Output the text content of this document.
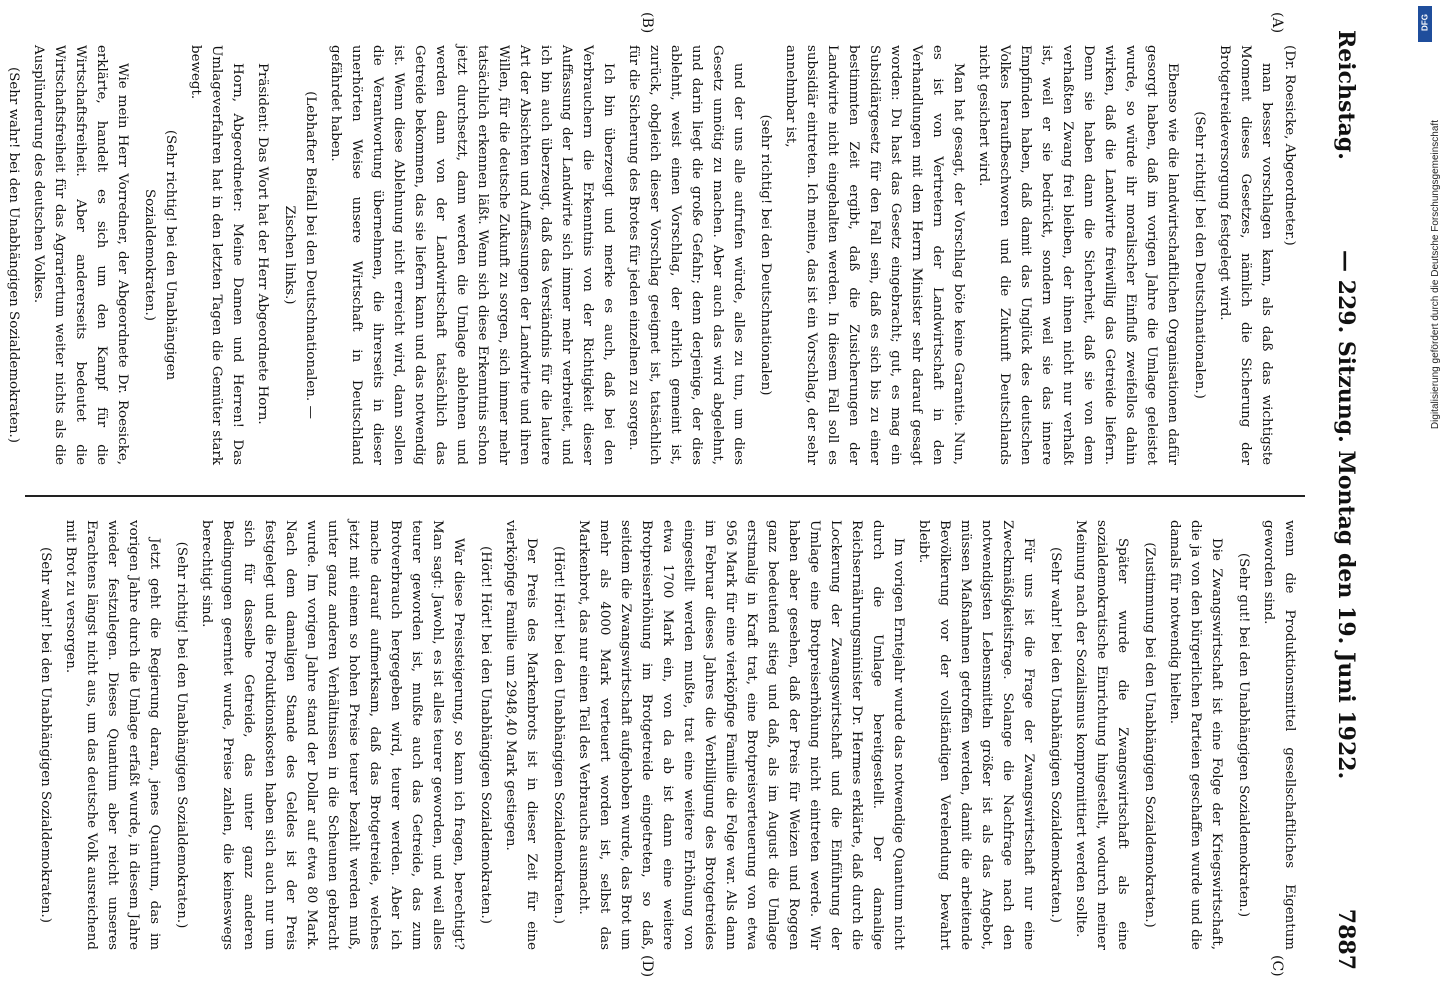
Reichstag.
— 229. Sitzung. Montag den 19. Juni 1922.
7887
(A)
(B)
(C)
(D)

(Dr. Roesicke, Abgeordneter.)

man besser vorschlagen kann, als daß das wichtigste Moment dieses Gesetzes, nämlich die Sicherung der Brotgetreideversorgung festgelegt wird.

(Sehr richtig! bei den Deutschnationalen.)

Ebenso wie die landwirtschaftlichen Organisationen dafür gesorgt haben, daß im vorigen Jahre die Umlage geleistet wurde, so würde ihr moralischer Einfluß zweifellos dahin wirken, daß die Landwirte freiwillig das Getreide liefern. Denn sie haben dann die Sicherheit, daß sie von dem verhaßten Zwang frei bleiben, der ihnen nicht nur verhaßt ist, weil er sie bedrückt, sondern weil sie das innere Empfinden haben, daß damit das Unglück des deutschen Volkes heraufbeschworen und die Zukunft Deutschlands nicht gesichert wird.

Man hat gesagt, der Vorschlag böte keine Garantie. Nun, es ist von Vertretern der Landwirtschaft in den Verhandlungen mit dem Herrn Minister sehr darauf gesagt worden: Du hast das Gesetz eingebracht; gut, es mag ein Subsidiärgesetz für den Fall sein, daß es sich bis zu einer bestimmten Zeit ergibt, daß die Zusicherungen der Landwirte nicht eingehalten werden. In diesem Fall soll es subsidiär eintreten. Ich meine, das ist ein Vorschlag, der sehr annehmbar ist,

(sehr richtig! bei den Deutschnationalen)

und der uns alle aufrufen würde, alles zu tun, um dies Gesetz unnötig zu machen. Aber auch das wird abgelehnt, und darin liegt die große Gefahr; denn derjenige, der dies ablehnt, weist einen Vorschlag, der ehrlich gemeint ist, zurück, obgleich dieser Vorschlag geeignet ist, tatsächlich für die Sicherung des Brotes für jeden einzelnen zu sorgen.

Ich bin überzeugt und merke es auch, daß bei den Verbrauchern die Erkenntnis von der Richtigkeit dieser Auffassung der Landwirte sich immer mehr verbreitet, und ich bin auch überzeugt, daß das Verständnis für die lautere Art der Absichten und Auffassungen der Landwirte und ihren Willen, für die deutsche Zukunft zu sorgen, sich immer mehr tatsächlich erkennen läßt. Wenn sich diese Erkenntnis schon jetzt durchsetzt, dann werden die Umlage ablehnen und werden dann von der Landwirtschaft tatsächlich das Getreide bekommen, das sie liefern kann und das notwendig ist. Wenn diese Ablehnung nicht erreicht wird, dann sollen die Verantwortung übernehmen, die ihrerseits in dieser unerhörten Weise unsere Wirtschaft in Deutschland gefährdet haben.

(Lebhafter Beifall bei den Deutschnationalen. — Zischen links.)

Präsident: Das Wort hat der Herr Abgeordnete Horn.

Horn, Abgeordneter: Meine Damen und Herren! Das Umlageverfahren hat in den letzten Tagen die Gemüter stark bewegt.

(Sehr richtig! bei den Unabhängigen Sozialdemokraten.)

Wie mein Herr Vorredner, der Abgeordnete Dr. Roesicke, erklärte, handelt es sich um den Kampf für die Wirtschaftsfreiheit. Aber andererseits bedeutet die Wirtschaftsfreiheit für das Agrariertum weiter nichts als die Ausplünderung des deutschen Volkes.

(Sehr wahr! bei den Unabhängigen Sozialdemokraten.)

wenn die Produktionsmittel gesellschaftliches Eigentum geworden sind.

(Sehr gut! bei den Unabhängigen Sozialdemokraten.)

Die Zwangswirtschaft ist eine Folge der Kriegswirtschaft, die ja von den bürgerlichen Parteien geschaffen wurde und die damals für notwendig hielten.

(Zustimmung bei den Unabhängigen Sozialdemokraten.)

Später wurde die Zwangswirtschaft als eine sozialdemokratische Einrichtung hingestellt, wodurch meiner Meinung nach der Sozialismus kompromittiert werden sollte.

(Sehr wahr! bei den Unabhängigen Sozialdemokraten.)

Für uns ist die Frage der Zwangswirtschaft nur eine Zweckmäßigkeitsfrage. Solange die Nachfrage nach den notwendigsten Lebensmitteln größer ist als das Angebot, müssen Maßnahmen getroffen werden, damit die arbeitende Bevölkerung vor der vollständigen Verelendung bewahrt bleibt.

Im vorigen Erntejahr wurde das notwendige Quantum nicht durch die Umlage bereitgestellt. Der damalige Reichsernährungsminister Dr. Hermes erklärte, daß durch die Lockerung der Zwangswirtschaft und die Einführung der Umlage eine Brotpreiserhöhung nicht eintreten werde. Wir haben aber gesehen, daß der Preis für Weizen und Roggen ganz bedeutend stieg und daß, als im August die Umlage erstmalig in Kraft trat, eine Brotpreisverteuerung von etwa 956 Mark für eine vierköpfige Familie die Folge war. Als dann im Februar dieses Jahres die Verbilligung des Brotgetreides eingestellt werden mußte, trat eine weitere Erhöhung von etwa 1700 Mark ein, von da ab ist dann eine weitere Brotpreiserhöhung im Brotgetreide eingetreten, so daß, seitdem die Zwangswirtschaft aufgehoben wurde, das Brot um mehr als 4000 Mark verteuert worden ist, selbst das Markenbrot, das nur einen Teil des Verbrauchs ausmacht.

(Hört! Hört! bei den Unabhängigen Sozialdemokraten.)

Der Preis des Markenbrots ist in dieser Zeit für eine vierköpfige Familie um 2948,40 Mark gestiegen.

(Hört! Hört! bei den Unabhängigen Sozialdemokraten.)

War diese Preissteigerung, so kann ich fragen, berechtigt? Man sagt: Jawohl, es ist alles teurer geworden, und weil alles teurer geworden ist, mußte auch das Getreide, das zum Brotverbrauch hergegeben wird, teurer werden. Aber ich mache darauf aufmerksam, daß das Brotgetreide, welches jetzt mit einem so hohen Preise teurer bezahlt werden muß, unter ganz anderen Verhältnissen in die Scheunen gebracht wurde. Im vorigen Jahre stand der Dollar auf etwa 80 Mark. Nach dem damaligen Stande des Geldes ist der Preis festgelegt und die Produktionskosten haben sich auch nur um sich für dasselbe Getreide, das unter ganz anderen Bedingungen geerntet wurde, Preise zahlen, die keineswegs berechtigt sind.

(Sehr richtig! bei den Unabhängigen Sozialdemokraten.)

Jetzt geht die Regierung daran, jenes Quantum, das im vorigen Jahre durch die Umlage erfaßt wurde, in diesem Jahre wieder festzulegen. Dieses Quantum aber reicht unseres Erachtens längst nicht aus, um das deutsche Volk ausreichend mit Brot zu versorgen.

(Sehr wahr! bei den Unabhängigen Sozialdemokraten.)

DFG
Digitalisierung gefördert durch die Deutsche Forschungsgemeinschaft
